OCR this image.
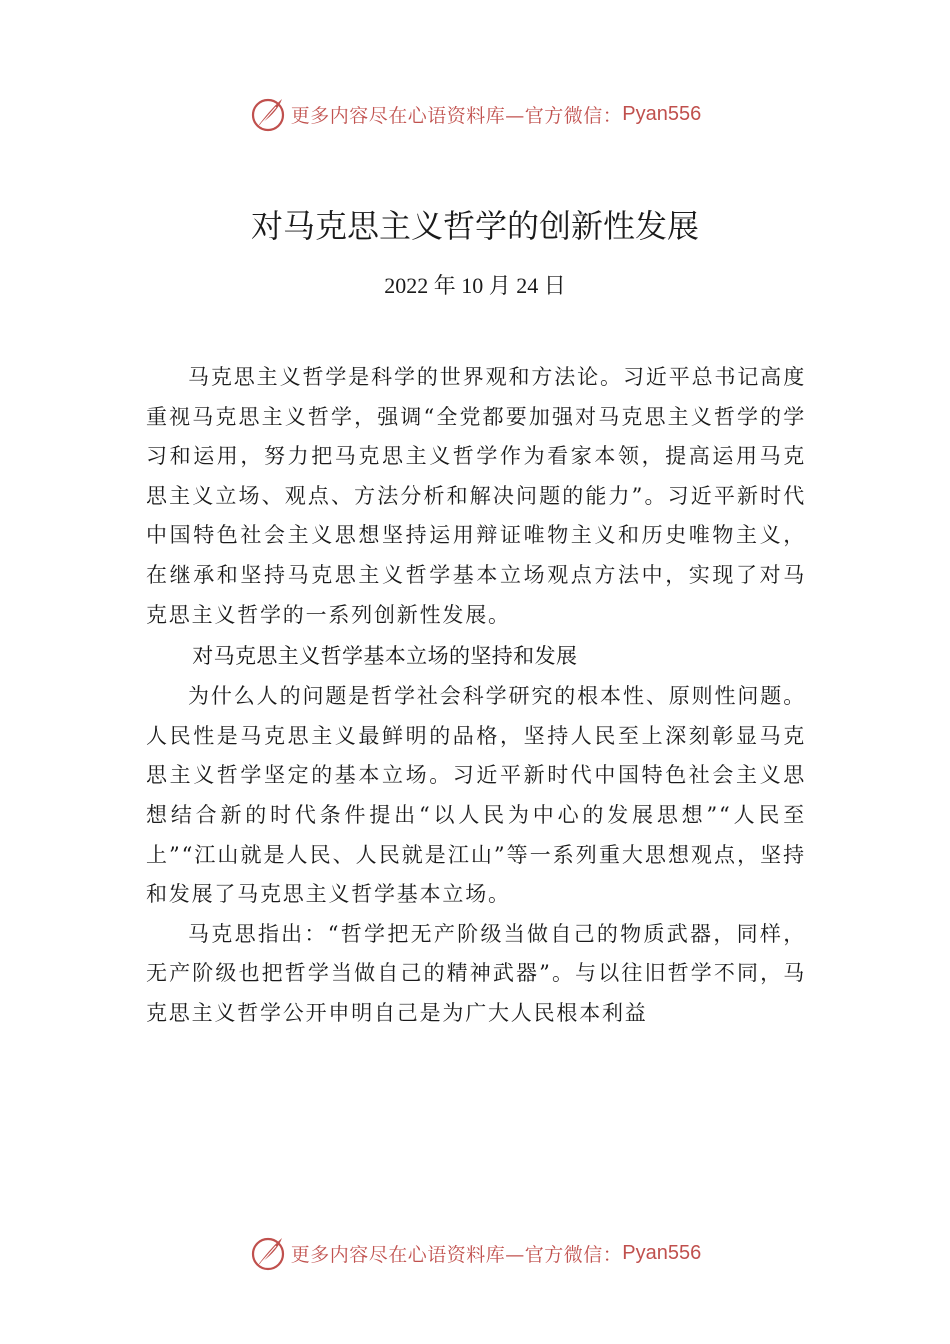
更多内容尽在心语资料库—官方微信： Pyan556
对马克思主义哲学的创新性发展
2022 年 10 月 24 日

马克思主义哲学是科学的世界观和方法论。习近平总书记高度重视马克思主义哲学，强调“全党都要加强对马克思主义哲学的学习和运用，努力把马克思主义哲学作为看家本领，提高运用马克思主义立场、观点、方法分析和解决问题的能力”。习近平新时代中国特色社会主义思想坚持运用辩证唯物主义和历史唯物主义，在继承和坚持马克思主义哲学基本立场观点方法中，实现了对马克思主义哲学的一系列创新性发展。

对马克思主义哲学基本立场的坚持和发展

为什么人的问题是哲学社会科学研究的根本性、原则性问题。人民性是马克思主义最鲜明的品格，坚持人民至上深刻彰显马克思主义哲学坚定的基本立场。习近平新时代中国特色社会主义思想结合新的时代条件提出“以人民为中心的发展思想”“人民至上”“江山就是人民、人民就是江山”等一系列重大思想观点，坚持和发展了马克思主义哲学基本立场。

马克思指出：“哲学把无产阶级当做自己的物质武器，同样，无产阶级也把哲学当做自己的精神武器”。与以往旧哲学不同，马克思主义哲学公开申明自己是为广大人民根本利益

更多内容尽在心语资料库—官方微信： Pyan556
